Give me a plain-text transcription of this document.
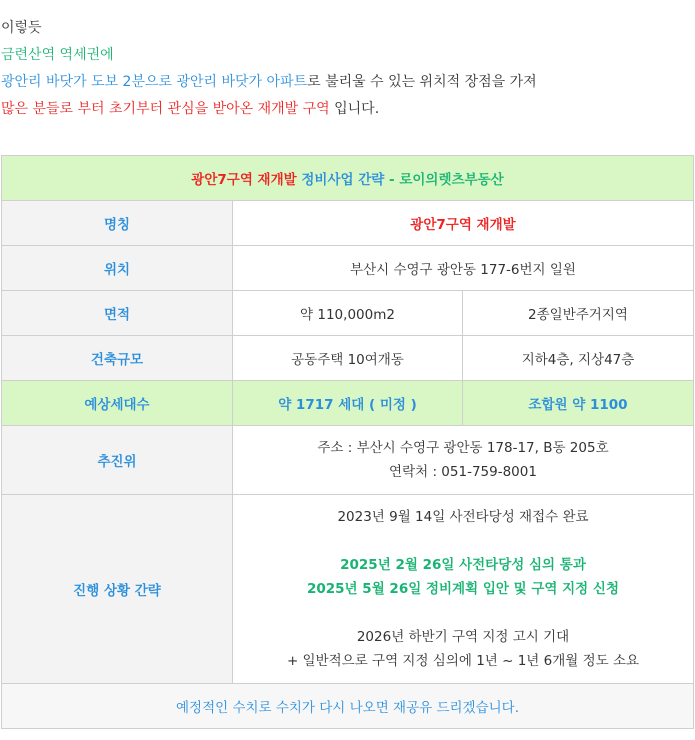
이렇듯

금련산역 역세권에

광안리 바닷가 도보 2분으로 광안리 바닷가 아파트로 불리울 수 있는 위치적 장점을 가져

많은 분들로 부터 초기부터 관심을 받아온 재개발 구역 입니다.

광안7구역 재개발 정비사업 간략 - 로이의렛츠부동산		
명칭	광안7구역 재개발	
위치	부산시 수영구 광안동 177-6번지 일원	
면적	약 110,000m2	2종일반주거지역
건축규모	공동주택 10여개동	지하4층, 지상47층
예상세대수	약 1717 세대 ( 미정 )	조합원 약 1100
추진위	주소 : 부산시 수영구 광안동 178-17, B동 205호
연락처 : 051-759-8001	

진행 상황 간략	2023년 9월 14일 사전타당성 재접수 완료
2025년 2월 26일 사전타당성 심의 통과
2025년 5월 26일 정비계획 입안 및 구역 지정 신청
2026년 하반기 구역 지정 고시 기대
+ 일반적으로 구역 지정 심의에 1년 ~ 1년 6개월 정도 소요	

예정적인 수치로 수치가 다시 나오면 재공유 드리겠습니다.		
